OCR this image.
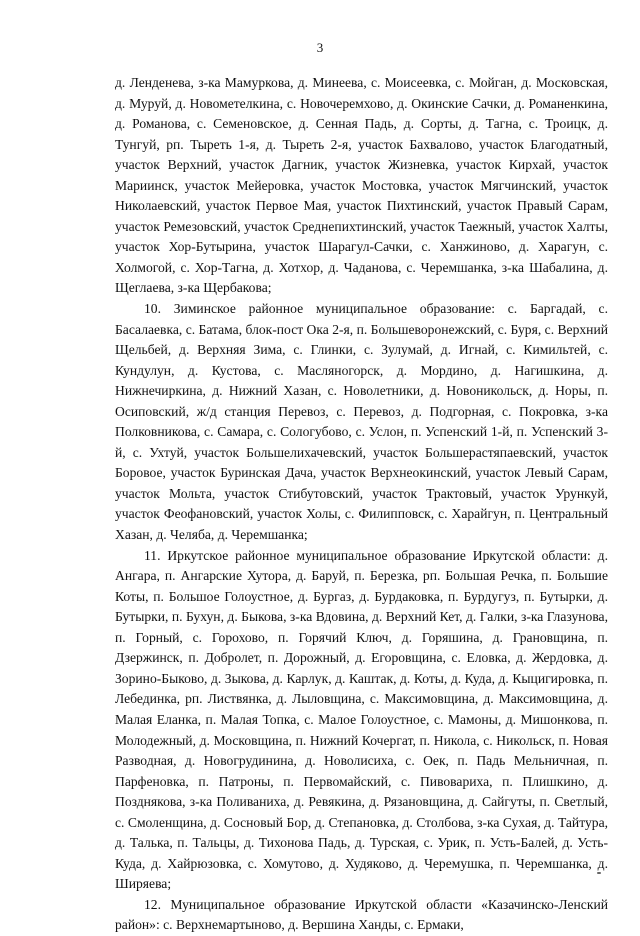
3

д. Ленденева, з-ка Мамуркова, д. Минеева, с. Моисеевка, с. Мойган, д. Московская, д. Муруй, д. Новометелкина, с. Новочеремхово, д. Окинские Сачки, д. Романенкина, д. Романова, с. Семеновское, д. Сенная Падь, д. Сорты, д. Тагна, с. Троицк, д. Тунгуй, рп. Тыреть 1-я, д. Тыреть 2-я, участок Бахвалово, участок Благодатный, участок Верхний, участок Дагник, участок Жизневка, участок Кирхай, участок Мариинск, участок Мейеровка, участок Мостовка, участок Мягчинский, участок Николаевский, участок Первое Мая, участок Пихтинский, участок Правый Сарам, участок Ремезовский, участок Среднепихтинский, участок Таежный, участок Халты, участок Хор-Бутырина, участок Шарагул-Сачки, с. Ханжиново, д. Харагун, с. Холмогой, с. Хор-Тагна, д. Хотхор, д. Чаданова, с. Черемшанка, з-ка Шабалина, д. Щеглаева, з-ка Щербакова;

10. Зиминское районное муниципальное образование: с. Баргадай, с. Басалаевка, с. Батама, блок-пост Ока 2-я, п. Большеворонежский, с. Буря, с. Верхний Щельбей, д. Верхняя Зима, с. Глинки, с. Зулумай, д. Игнай, с. Кимильтей, с. Кундулун, д. Кустова, с. Масляногорск, д. Мордино, д. Нагишкина, д. Нижнечиркина, д. Нижний Хазан, с. Новолетники, д. Новоникольск, д. Норы, п. Осиповский, ж/д станция Перевоз, с. Перевоз, д. Подгорная, с. Покровка, з-ка Полковникова, с. Самара, с. Сологубово, с. Услон, п. Успенский 1-й, п. Успенский 3-й, с. Ухтуй, участок Большелихачевский, участок Большерастяпаевский, участок Боровое, участок Буринская Дача, участок Верхнеокинский, участок Левый Сарам, участок Мольта, участок Стибутовский, участок Трактовый, участок Урункуй, участок Феофановский, участок Холы, с. Филипповск, с. Харайгун, п. Центральный Хазан, д. Челяба, д. Черемшанка;

11. Иркутское районное муниципальное образование Иркутской области: д. Ангара, п. Ангарские Хутора, д. Баруй, п. Березка, рп. Большая Речка, п. Большие Коты, п. Большое Голоустное, д. Бургаз, д. Бурдаковка, п. Бурдугуз, п. Бутырки, д. Бутырки, п. Бухун, д. Быкова, з-ка Вдовина, д. Верхний Кет, д. Галки, з-ка Глазунова, п. Горный, с. Горохово, п. Горячий Ключ, д. Горяшина, д. Грановщина, п. Дзержинск, п. Добролет, п. Дорожный, д. Егоровщина, с. Еловка, д. Жердовка, д. Зорино-Быково, д. Зыкова, д. Карлук, д. Каштак, д. Коты, д. Куда, д. Кыцигировка, п. Лебединка, рп. Листвянка, д. Лыловщина, с. Максимовщина, д. Максимовщина, д. Малая Еланка, п. Малая Топка, с. Малое Голоустное, с. Мамоны, д. Мишонкова, п. Молодежный, д. Московщина, п. Нижний Кочергат, п. Никола, с. Никольск, п. Новая Разводная, д. Новогрудинина, д. Новолисиха, с. Оек, п. Падь Мельничная, п. Парфеновка, п. Патроны, п. Первомайский, с. Пивовариха, п. Плишкино, д. Позднякова, з-ка Поливаниха, д. Ревякина, д. Рязановщина, д. Сайгуты, п. Светлый, с. Смоленщина, д. Сосновый Бор, д. Степановка, д. Столбова, з-ка Сухая, д. Тайтура, д. Талька, п. Тальцы, д. Тихонова Падь, д. Турская, с. Урик, п. Усть-Балей, д. Усть-Куда, д. Хайрюзовка, с. Хомутово, д. Худяково, д. Черемушка, п. Черемшанка, д. Ширяева;

12. Муниципальное образование Иркутской области «Казачинско-Ленский район»: с. Верхнемартыново, д. Вершина Ханды, с. Ермаки,
